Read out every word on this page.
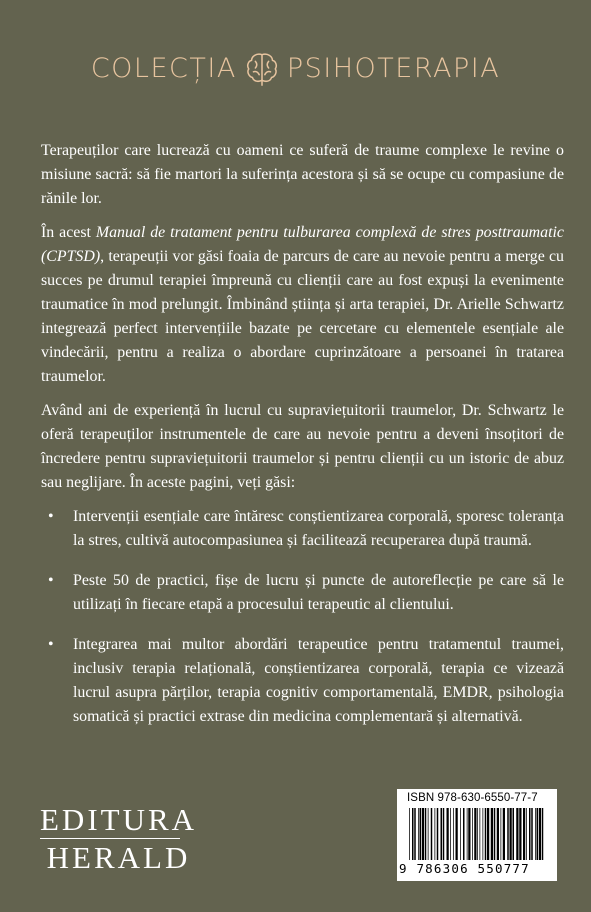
COLECȚIA PSIHOTERAPIA

Terapeuților care lucrează cu oameni ce suferă de traume complexe le revine o misiune sacră: să fie martori la suferința acestora și să se ocupe cu compasiune de rănile lor.

În acest Manual de tratament pentru tulburarea complexă de stres posttraumatic (CPTSD), terapeuții vor găsi foaia de parcurs de care au nevoie pentru a merge cu succes pe drumul terapiei împreună cu clienții care au fost expuși la evenimente traumatice în mod prelungit. Îmbinând știința și arta terapiei, Dr. Arielle Schwartz integrează perfect intervențiile bazate pe cercetare cu elementele esențiale ale vindecării, pentru a realiza o abordare cuprinzătoare a persoanei în tratarea traumelor.

Având ani de experiență în lucrul cu supraviețuitorii traumelor, Dr. Schwartz le oferă terapeuților instrumentele de care au nevoie pentru a deveni însoțitori de încredere pentru supraviețuitorii traumelor și pentru clienții cu un istoric de abuz sau neglijare. În aceste pagini, veți găsi:

• Intervenții esențiale care întăresc conștientizarea corporală, sporesc toleranța la stres, cultivă autocompasiunea și facilitează recuperarea după traumă.
• Peste 50 de practici, fișe de lucru și puncte de autoreflecție pe care să le utilizați în fiecare etapă a procesului terapeutic al clientului.
• Integrarea mai multor abordări terapeutice pentru tratamentul traumei, inclusiv terapia relațională, conștientizarea corporală, terapia ce vizează lucrul asupra părților, terapia cognitiv comportamentală, EMDR, psihologia somatică și practici extrase din medicina complementară și alternativă.
EDITURA
HERALD
ISBN 978-630-6550-77-7
9 786306 550777
